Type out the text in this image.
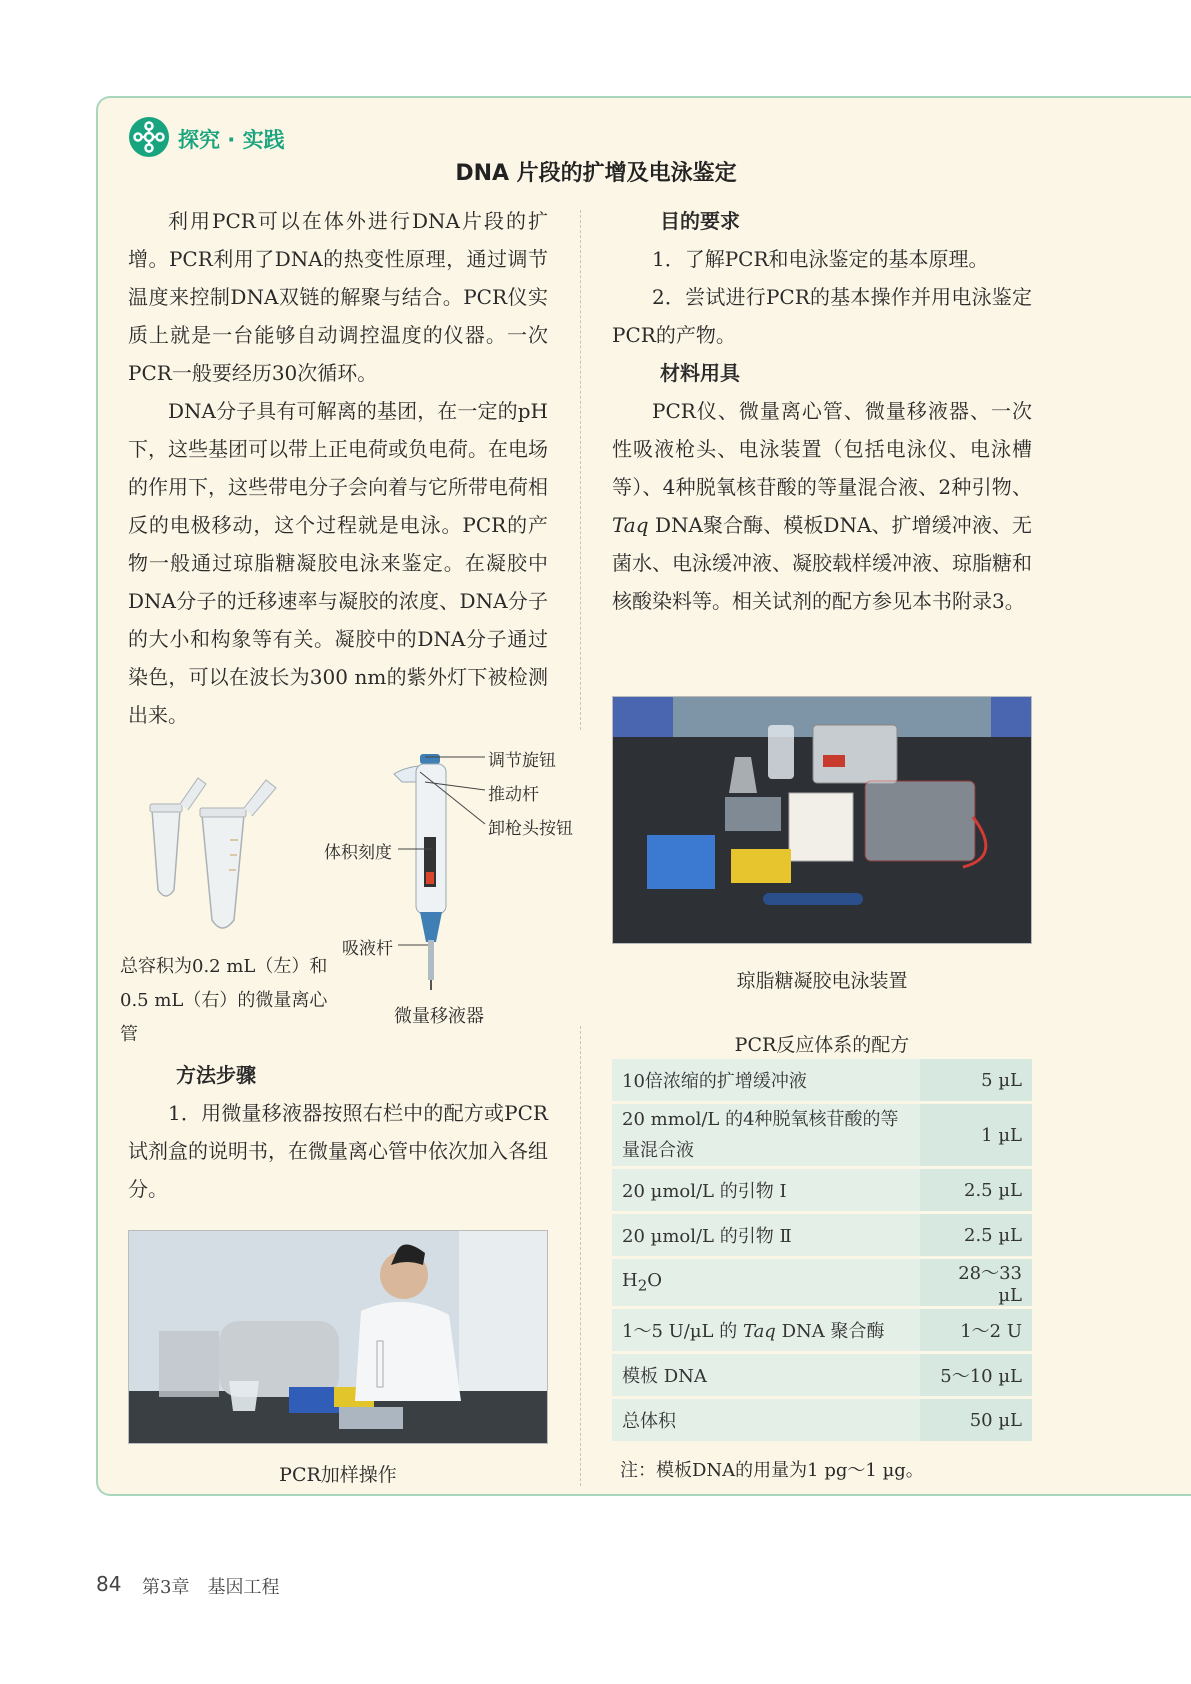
探究 · 实践
DNA 片段的扩增及电泳鉴定

利用PCR可以在体外进行DNA片段的扩增。PCR利用了DNA的热变性原理，通过调节温度来控制DNA双链的解聚与结合。PCR仪实质上就是一台能够自动调控温度的仪器。一次PCR一般要经历30次循环。

DNA分子具有可解离的基团，在一定的pH下，这些基团可以带上正电荷或负电荷。在电场的作用下，这些带电分子会向着与它所带电荷相反的电极移动，这个过程就是电泳。PCR的产物一般通过琼脂糖凝胶电泳来鉴定。在凝胶中DNA分子的迁移速率与凝胶的浓度、DNA分子的大小和构象等有关。凝胶中的DNA分子通过染色，可以在波长为300 nm的紫外灯下被检测出来。

目的要求

1．了解PCR和电泳鉴定的基本原理。

2．尝试进行PCR的基本操作并用电泳鉴定PCR的产物。

材料用具

PCR仪、微量离心管、微量移液器、一次性吸液枪头、电泳装置（包括电泳仪、电泳槽等）、4种脱氧核苷酸的等量混合液、2种引物、Taq DNA聚合酶、模板DNA、扩增缓冲液、无菌水、电泳缓冲液、凝胶载样缓冲液、琼脂糖和核酸染料等。相关试剂的配方参见本书附录3。

总容积为0.2 mL（左）和0.5 mL（右）的微量离心管
调节旋钮
推动杆
卸枪头按钮
体积刻度
吸液杆
微量移液器

方法步骤

1．用微量移液器按照右栏中的配方或PCR试剂盒的说明书，在微量离心管中依次加入各组分。

琼脂糖凝胶电泳装置
PCR反应体系的配方
10倍浓缩的扩增缓冲液	5 µL
20 mmol/L 的4种脱氧核苷酸的等量混合液	1 µL
20 µmol/L 的引物 Ⅰ	2.5 µL
20 µmol/L 的引物 Ⅱ	2.5 µL
$H_2O$	28～33 µL
1～5 U/µL 的 Taq DNA 聚合酶	1～2 U
模板 DNA	5～10 µL
总体积	50 µL
注：模板DNA的用量为1 pg～1 µg。
PCR加样操作
84 第3章　基因工程
